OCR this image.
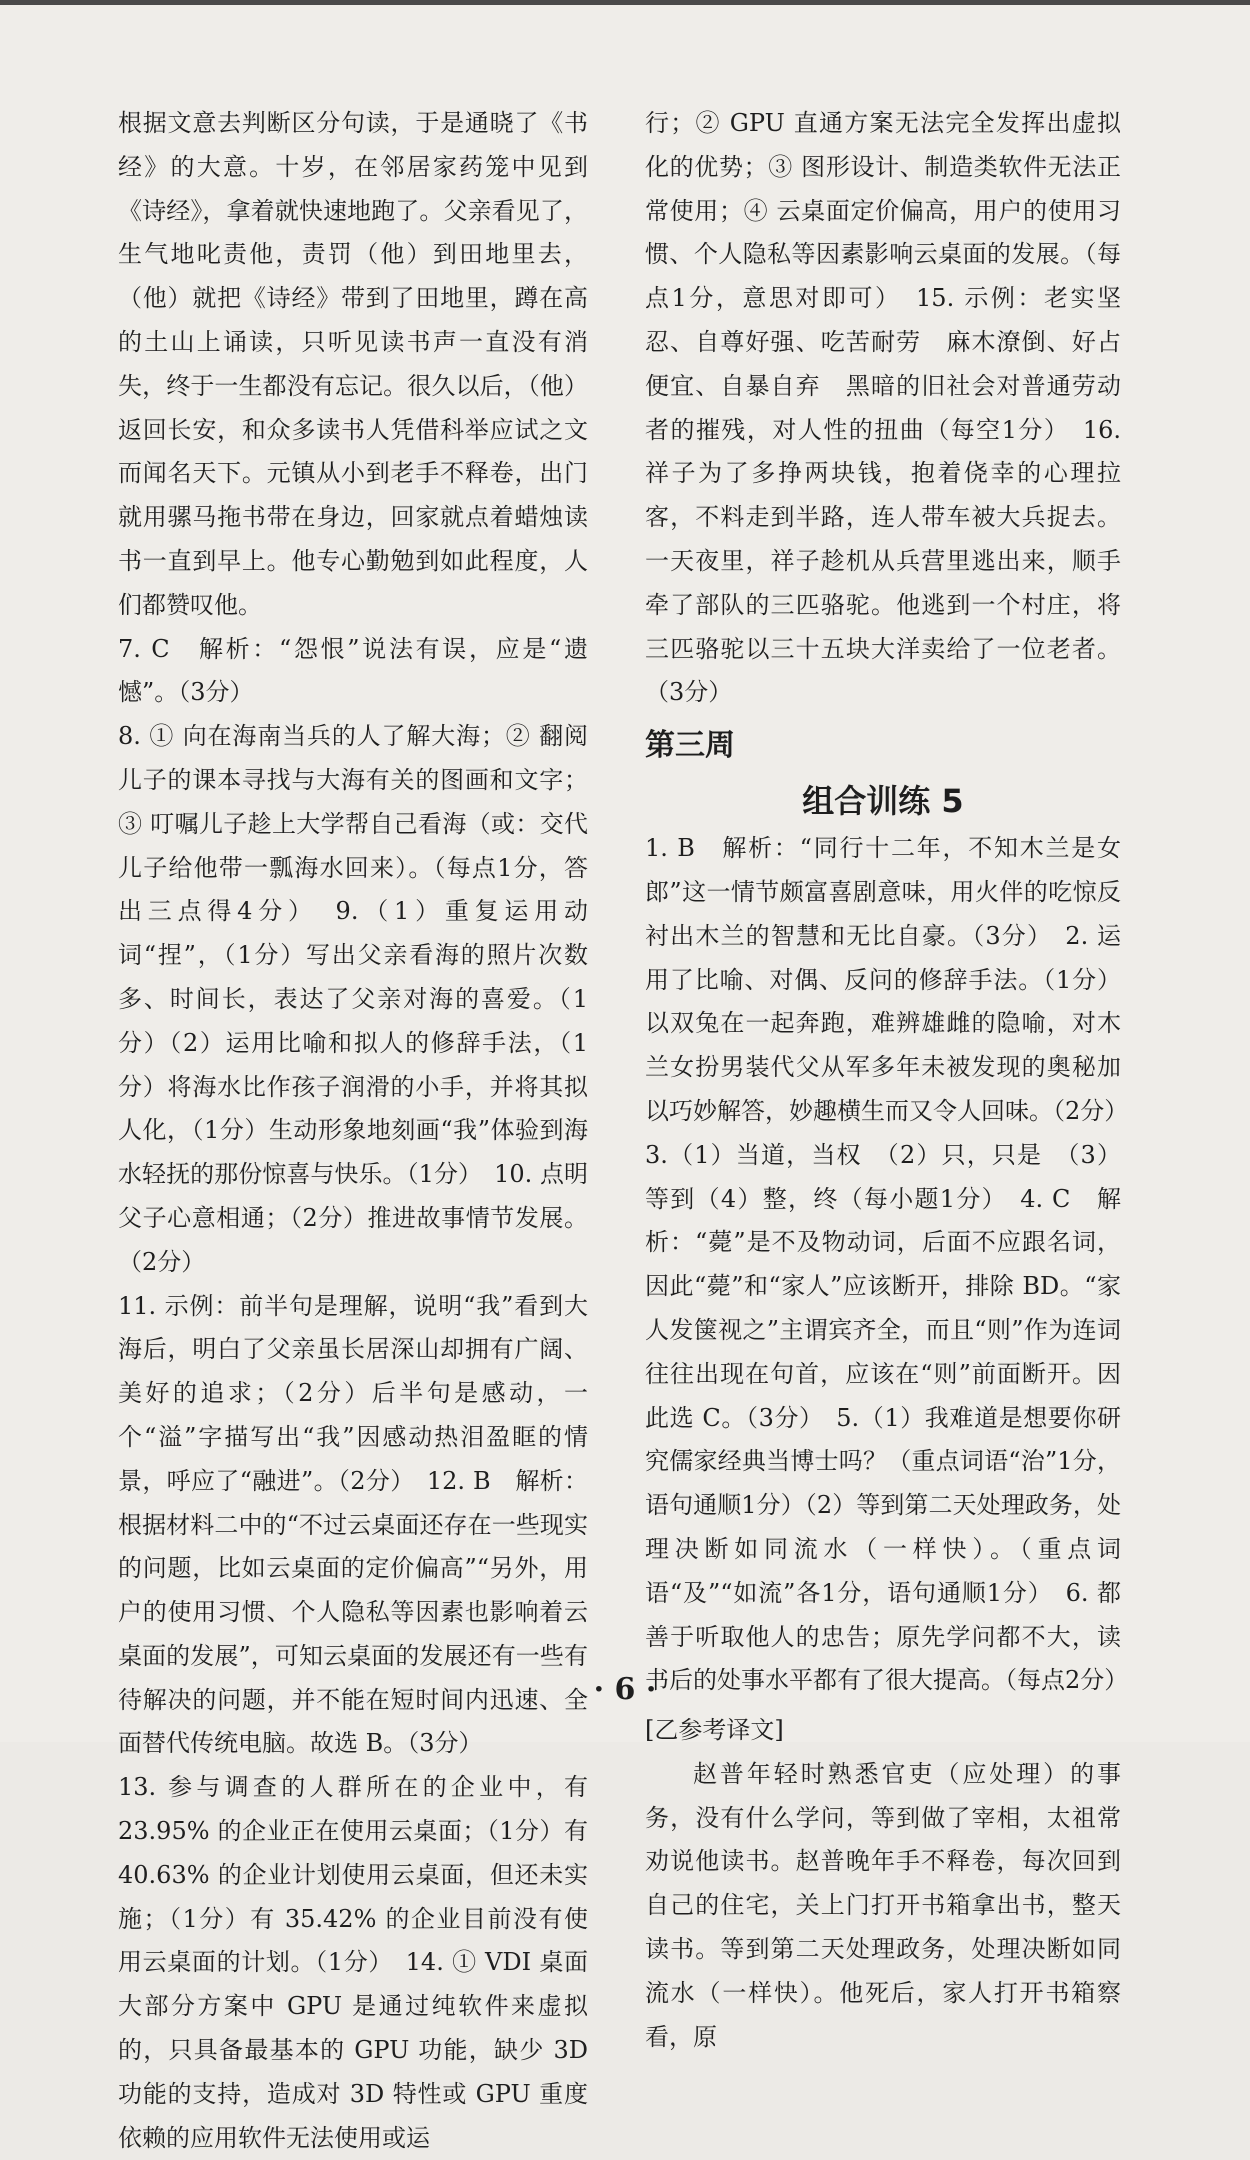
根据文意去判断区分句读，于是通晓了《书经》的大意。十岁，在邻居家药笼中见到《诗经》，拿着就快速地跑了。父亲看见了，生气地叱责他，责罚（他）到田地里去，（他）就把《诗经》带到了田地里，蹲在高的土山上诵读，只听见读书声一直没有消失，终于一生都没有忘记。很久以后，（他）返回长安，和众多读书人凭借科举应试之文而闻名天下。元镇从小到老手不释卷，出门就用骡马拖书带在身边，回家就点着蜡烛读书一直到早上。他专心勤勉到如此程度，人们都赞叹他。

7. C　解析：“怨恨”说法有误，应是“遗憾”。（3分）

8. ① 向在海南当兵的人了解大海；② 翻阅儿子的课本寻找与大海有关的图画和文字；③ 叮嘱儿子趁上大学帮自己看海（或：交代儿子给他带一瓢海水回来）。（每点1分，答出三点得4分）　9.（1）重复运用动词“捏”，（1分）写出父亲看海的照片次数多、时间长，表达了父亲对海的喜爱。（1分）（2）运用比喻和拟人的修辞手法，（1分）将海水比作孩子润滑的小手，并将其拟人化，（1分）生动形象地刻画“我”体验到海水轻抚的那份惊喜与快乐。（1分）　10. 点明父子心意相通；（2分）推进故事情节发展。（2分）

11. 示例：前半句是理解，说明“我”看到大海后，明白了父亲虽长居深山却拥有广阔、美好的追求；（2分）后半句是感动，一个“溢”字描写出“我”因感动热泪盈眶的情景，呼应了“融进”。（2分）　12. B　解析：根据材料二中的“不过云桌面还存在一些现实的问题，比如云桌面的定价偏高”“另外，用户的使用习惯、个人隐私等因素也影响着云桌面的发展”，可知云桌面的发展还有一些有待解决的问题，并不能在短时间内迅速、全面替代传统电脑。故选 B。（3分）

13. 参与调查的人群所在的企业中，有 23.95% 的企业正在使用云桌面；（1分）有 40.63% 的企业计划使用云桌面，但还未实施；（1分）有 35.42% 的企业目前没有使用云桌面的计划。（1分）　14. ① VDI 桌面大部分方案中 GPU 是通过纯软件来虚拟的，只具备最基本的 GPU 功能，缺少 3D 功能的支持，造成对 3D 特性或 GPU 重度依赖的应用软件无法使用或运

行；② GPU 直通方案无法完全发挥出虚拟化的优势；③ 图形设计、制造类软件无法正常使用；④ 云桌面定价偏高，用户的使用习惯、个人隐私等因素影响云桌面的发展。（每点1分，意思对即可）　15. 示例：老实坚忍、自尊好强、吃苦耐劳　麻木潦倒、好占便宜、自暴自弃　黑暗的旧社会对普通劳动者的摧残，对人性的扭曲（每空1分）　16. 祥子为了多挣两块钱，抱着侥幸的心理拉客，不料走到半路，连人带车被大兵捉去。一天夜里，祥子趁机从兵营里逃出来，顺手牵了部队的三匹骆驼。他逃到一个村庄，将三匹骆驼以三十五块大洋卖给了一位老者。（3分）

第三周

组合训练 5

1. B　解析：“同行十二年，不知木兰是女郎”这一情节颇富喜剧意味，用火伴的吃惊反衬出木兰的智慧和无比自豪。（3分）　2. 运用了比喻、对偶、反问的修辞手法。（1分）以双兔在一起奔跑，难辨雄雌的隐喻，对木兰女扮男装代父从军多年未被发现的奥秘加以巧妙解答，妙趣横生而又令人回味。（2分）

3.（1）当道，当权　（2）只，只是　（3）等到（4）整，终（每小题1分）　4. C　解析：“薨”是不及物动词，后面不应跟名词，因此“薨”和“家人”应该断开，排除 BD。“家人发箧视之”主谓宾齐全，而且“则”作为连词往往出现在句首，应该在“则”前面断开。因此选 C。（3分）　5.（1）我难道是想要你研究儒家经典当博士吗？（重点词语“治”1分，语句通顺1分）（2）等到第二天处理政务，处理决断如同流水（一样快）。（重点词语“及”“如流”各1分，语句通顺1分）　6. 都善于听取他人的忠告；原先学问都不大，读书后的处事水平都有了很大提高。（每点2分）

[乙参考译文]

赵普年轻时熟悉官吏（应处理）的事务，没有什么学问，等到做了宰相，太祖常劝说他读书。赵普晚年手不释卷，每次回到自己的住宅，关上门打开书箱拿出书，整天读书。等到第二天处理政务，处理决断如同流水（一样快）。他死后，家人打开书箱察看，原

· 6 ·
